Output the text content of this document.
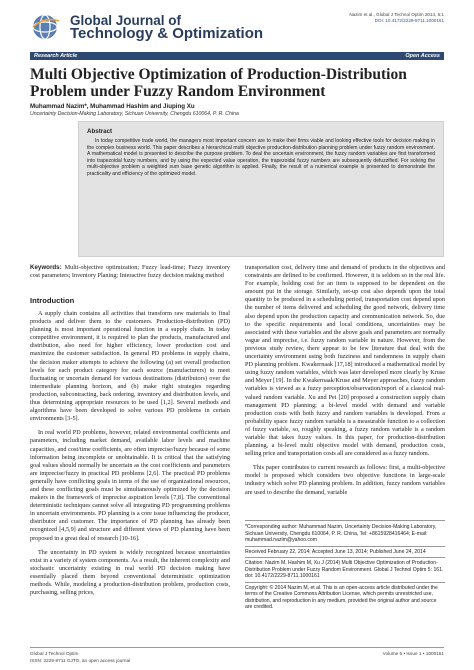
Global Journal of
Technology & Optimization
Nazim et al., Global J Technol Optim 2014, 5:1
DOI: 10.4172/2229-8711.1000161
Research Article	Open Access
Multi Objective Optimization of Production-Distribution Problem under Fuzzy Random Environment
Muhammad Nazim*, Muhammad Hashim and Jiuping Xu
Uncertainty Decision-Making Laboratory, Sichuan University, Chengdu 610064, P. R. China
Abstract

In today competitive trade world, the managers most important concern are to make their firms viable and looking effective tools for decision making in the complex business world. This paper describes a hierarchical multi objective production-distribution planning problem under fuzzy random environment. A mathematical model is presented to describe the purpose problem. To deal the uncertain environment, the fuzzy random variables are first transformed into trapezoidal fuzzy numbers, and by using the expected value operation, the trapezoidal fuzzy numbers are subsequently defuzzified. For solving the multi-objective problem a weighted sum base genetic algorithm is applied. Finally, the result of a numerical example is presented to demonstrate the practicality and efficiency of the optimized model.

Keywords: Multi-objective optimization; Fuzzy lead-time; Fuzzy inventory cost parameters; Inventory Planing; Interactive fuzzy decision making method
Introduction

A supply chain contains all activities that transform raw materials to final products and deliver them to the customers. Production-distribution (PD) planning is most important operational function in a supply chain. In today competitive environment, it is required to plan the products, manufactured and distribution, also need for higher efficiency, lower production cost and maximize the customer satisfaction. In general PD problems in supply chains, the decision maker attempts to achieve the following (a) set overall production levels for each product category for each source (manufacturers) to meet fluctuating or uncertain demand for various destinations (distributors) over the intermediate planning horizon, and (b) make right strategies regarding production, subcontracting, back ordering, inventory and distribution levels, and thus determining appropriate resources to be used [1,2]. Several methods and algorithms have been developed to solve various PD problems in certain environments [3-5].

In real world PD problems, however, related environmental coefficients and parameters, including market demand, available labor levels and machine capacities, and cost/time coefficients, are often imprecise/fuzzy because of some information being incomplete or unobtainable. It is critical that the satisfying goal values should normally be uncertain as the cost coefficients and parameters are imprecise/fuzzy in practical PD problems [2,6]. The practical PD problems generally have conflicting goals in terms of the use of organizational resources, and these conflicting goals must be simultaneously optimized by the decision makers in the framework of imprecise aspiration levels [7,8]. The conventional deterministic techniques cannot solve all integrating PD programming problems in uncertain environments. PD planning is a core issue influencing the producer, distributor and customer. The importance of PD planning has already been recognized [4,5,9] and structure and different views of PD planning have been proposed in a great deal of research [10-16].

The uncertainty in PD system is widely recognized because uncertainties exist in a variety of system components. As a result, the inherent complexity and stochastic uncertainty existing in real world PD decision making have essentially placed them beyond conventional deterministic optimization methods. While, modeling a production-distribution problem, production costs, purchasing, selling prices,

transportation cost, delivery time and demand of products in the objectives and constraints are defined to be confirmed. However, it is seldom so in the real life. For example, holding cost for an item is supposed to be dependent on the amount put in the storage. Similarly, set-up cost also depends upon the total quantity to be produced in a scheduling period, transportation cost depend upon the number of items delivered and scheduling the good network, delivery time also depend upon the production capacity and communication network. So, due to the specific requirements and local conditions, uncertainties may be associated with these variables and the above goals and parameters are normally vague and imprecise, i.e. fuzzy random variable in nature. However, from the previous study review, there appear to be few literature that deal with the uncertainty environment using both fuzziness and randomness in supply chain PD planning problem. Kwakernaak [17,18] introduced a mathematical model by using fuzzy random variables, which was later developed more clearly by Kruse and Meyer [19]. In the Kwakernaak/Kruse and Meyer approaches, fuzzy random variables is viewed as a fuzzy perception/observation/report of a classical real-valued random variable. Xu and Pei [20] proposed a construction supply chain management PD planning; a bi-level model with demand and variable production costs with both fuzzy and random variables is developed. From a probability space fuzzy random variable is a measurable function to a collection of fuzzy variable, so, roughly speaking, a fuzzy random variable is a random variable that takes fuzzy values. In this paper, for production-distribution planning, a bi-level multi objective model with demand, production costs, selling price and transportation costs all are considered as a fuzzy random.

This paper contributes to current research as follows: first, a multi-objective model is proposed which considers two objective functions in large-scale industry which solve PD planning problem. In addition, fuzzy random variables are used to describe the demand, variable

*Corresponding author: Muhammad Nazim, Uncertainty Decision-Making Laboratory, Sichuan University, Chengdu 610064, P. R. China, Tel: +8615928416464; E-mail: muhammad.nazim@yahoo.com

Received February 22, 2014; Accepted June 13, 2014; Published June 24, 2014

Citation: Nazim M, Hashim M, Xu J (2014) Multi Objective Optimization of Production-Distribution Problem under Fuzzy Random Environment. Global J Technol Optim 5: 161. doi: 10.4172/2229-8711.1000161

Copyright: © 2014 Nazim M, et al. This is an open-access article distributed under the terms of the Creative Commons Attribution License, which permits unrestricted use, distribution, and reproduction in any medium, provided the original author and source are credited.

Global J Technol Optim
ISSN: 2229-8711 GJTO, an open access journal
Volume 5 • Issue 1 • 1000161
